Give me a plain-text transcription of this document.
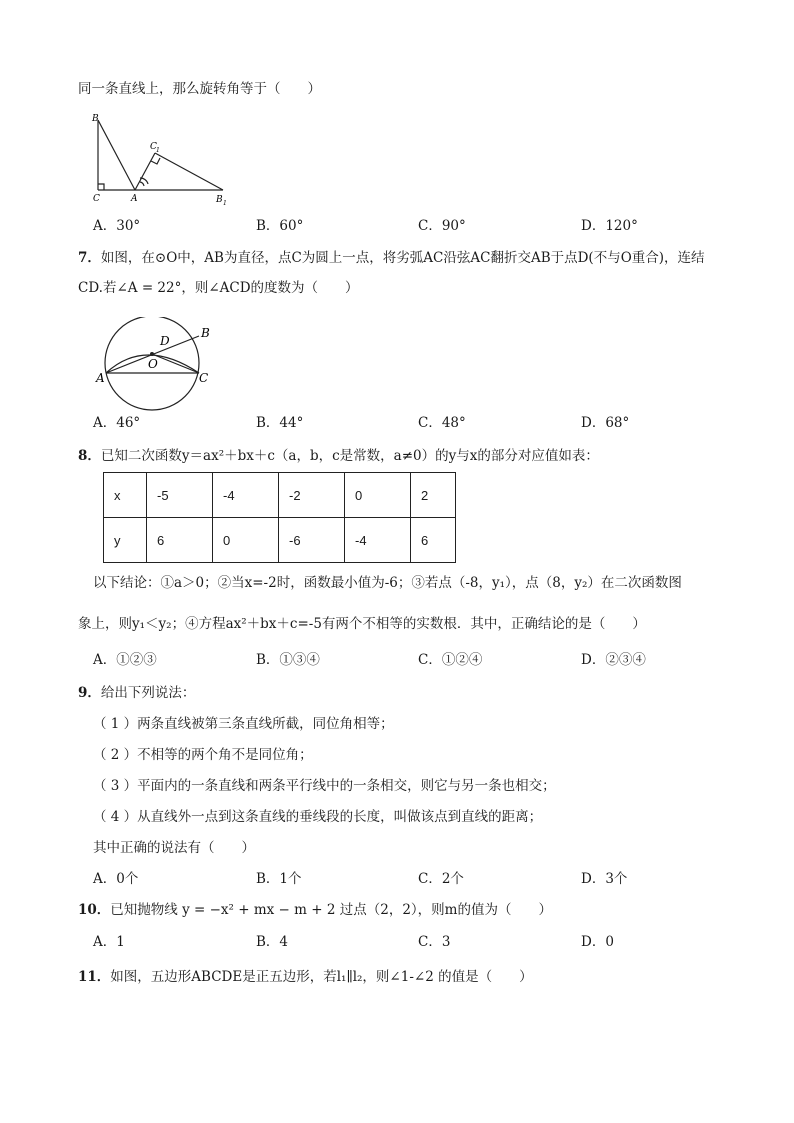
同一条直线上，那么旋转角等于（　　）
B
C	A	B 1
C 1
A．30°	B．60°	C．90°	D．120°
7．如图，在⊙O中，AB为直径，点C为圆上一点，将劣弧AC沿弦AC翻折交AB于点D(不与O重合)，连结
CD.若∠A = 22°，则∠ACD的度数为（　　）
B
D
O
A	C
A．46°	B．44°	C．48°	D．68°
8．已知二次函数y＝ax²＋bx＋c（a，b，c是常数，a≠0）的y与x的部分对应值如表：
x	-5	-4	-2	0	2
y	6	0	-6	-4	6
以下结论：①a＞0；②当x=-2时，函数最小值为-6；③若点（-8，y₁），点（8，y₂）在二次函数图
象上，则y₁＜y₂；④方程ax²＋bx＋c=-5有两个不相等的实数根．其中，正确结论的是（　　）
A．①②③	B．①③④	C．①②④	D．②③④
9．给出下列说法：
（ 1 ）两条直线被第三条直线所截，同位角相等；
（ 2 ）不相等的两个角不是同位角；
（ 3 ）平面内的一条直线和两条平行线中的一条相交，则它与另一条也相交；
（ 4 ）从直线外一点到这条直线的垂线段的长度，叫做该点到直线的距离；
其中正确的说法有（　　）
A．0个	B．1个	C．2个	D．3个
10．已知抛物线 y = −x² + mx − m + 2 过点（2，2），则m的值为（　　）
A．1	B．4	C．3	D．0
11．如图，五边形ABCDE是正五边形，若l₁∥l₂，则∠1-∠2 的值是（　　）
